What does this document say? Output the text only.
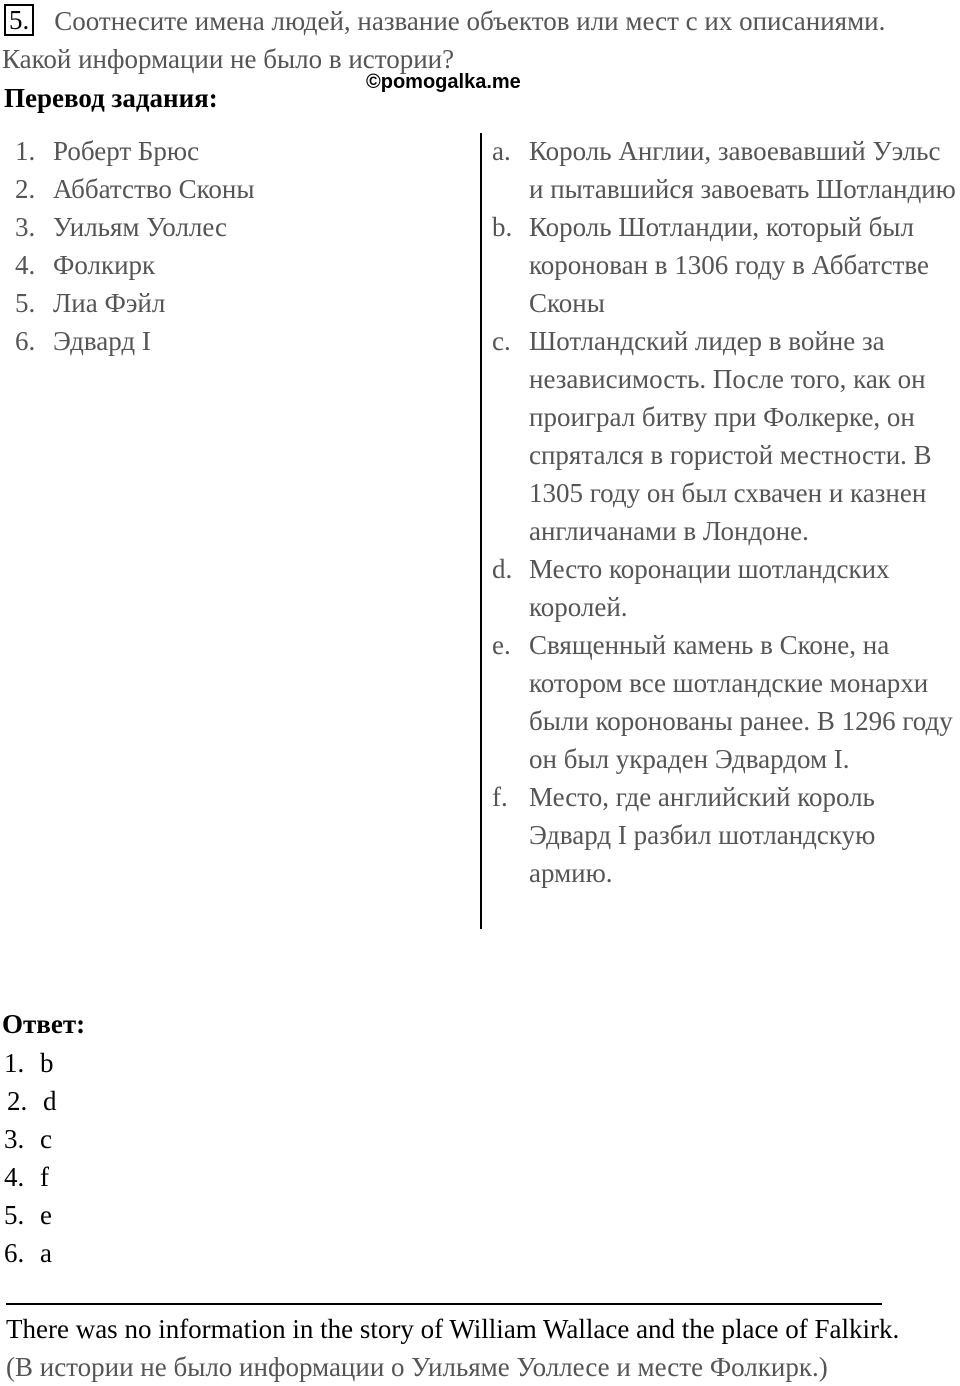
5. Соотнесите имена людей, название объектов или мест с их описаниями.
Какой информации не было в истории?
©pomogalka.me
Перевод задания:
1. Роберт Брюс
2. Аббатство Сконы
3. Уильям Уоллес
4. Фолкирк
5. Лиа Фэйл
6. Эдвард I
a. Король Англии, завоевавший Уэльс и пытавшийся завоевать Шотландию
b. Король Шотландии, который был коронован в 1306 году в Аббатстве Сконы
c. Шотландский лидер в войне за независимость. После того, как он проиграл битву при Фолкерке, он спрятался в гористой местности. В 1305 году он был схвачен и казнен англичанами в Лондоне.
d. Место коронации шотландских королей.
e. Священный камень в Сконе, на котором все шотландские монархи были коронованы ранее. В 1296 году он был украден Эдвардом I.
f. Место, где английский король Эдвард I разбил шотландскую армию.
Ответ:
1. b
2. d
3. c
4. f
5. e
6. a
There was no information in the story of William Wallace and the place of Falkirk.
(В истории не было информации о Уильяме Уоллесе и месте Фолкирк.)
